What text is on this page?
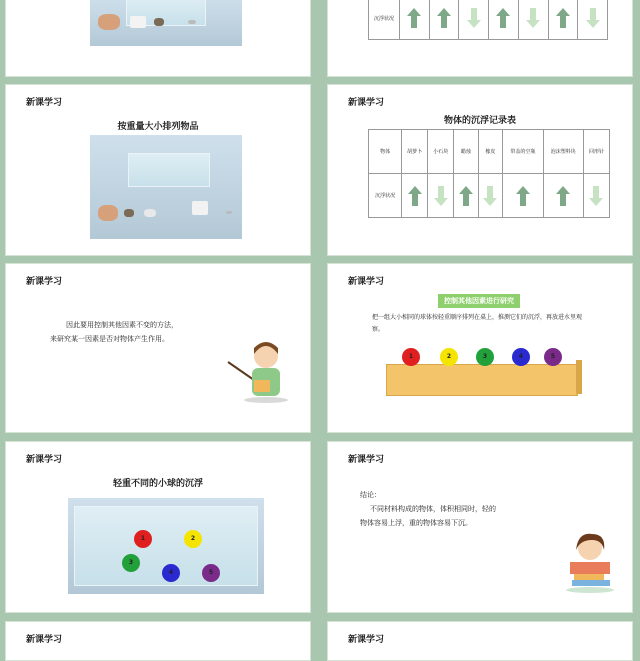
沉浮状况	

新课学习
按重量大小排列物品
新课学习
物体的沉浮记录表
物体	胡萝卜	小石块	蜡烛	橡皮	带盖的空瓶	泡沫塑料块	回形针
沉浮状况	

新课学习
因此要用控制其他因素不变的方法，
来研究某一因素是否对物体产生作用。
新课学习
控制其他因素进行研究
把一组大小相同的球体按轻重顺序排列在桌上，推测它们的沉浮，再放进水里观察。
1	2	3	4	5
新课学习
轻重不同的小球的沉浮
1	2
3
4	5
新课学习
结论：
不同材料构成的物体，体积相同时，轻的
物体容易上浮，重的物体容易下沉。
新课学习	新课学习
